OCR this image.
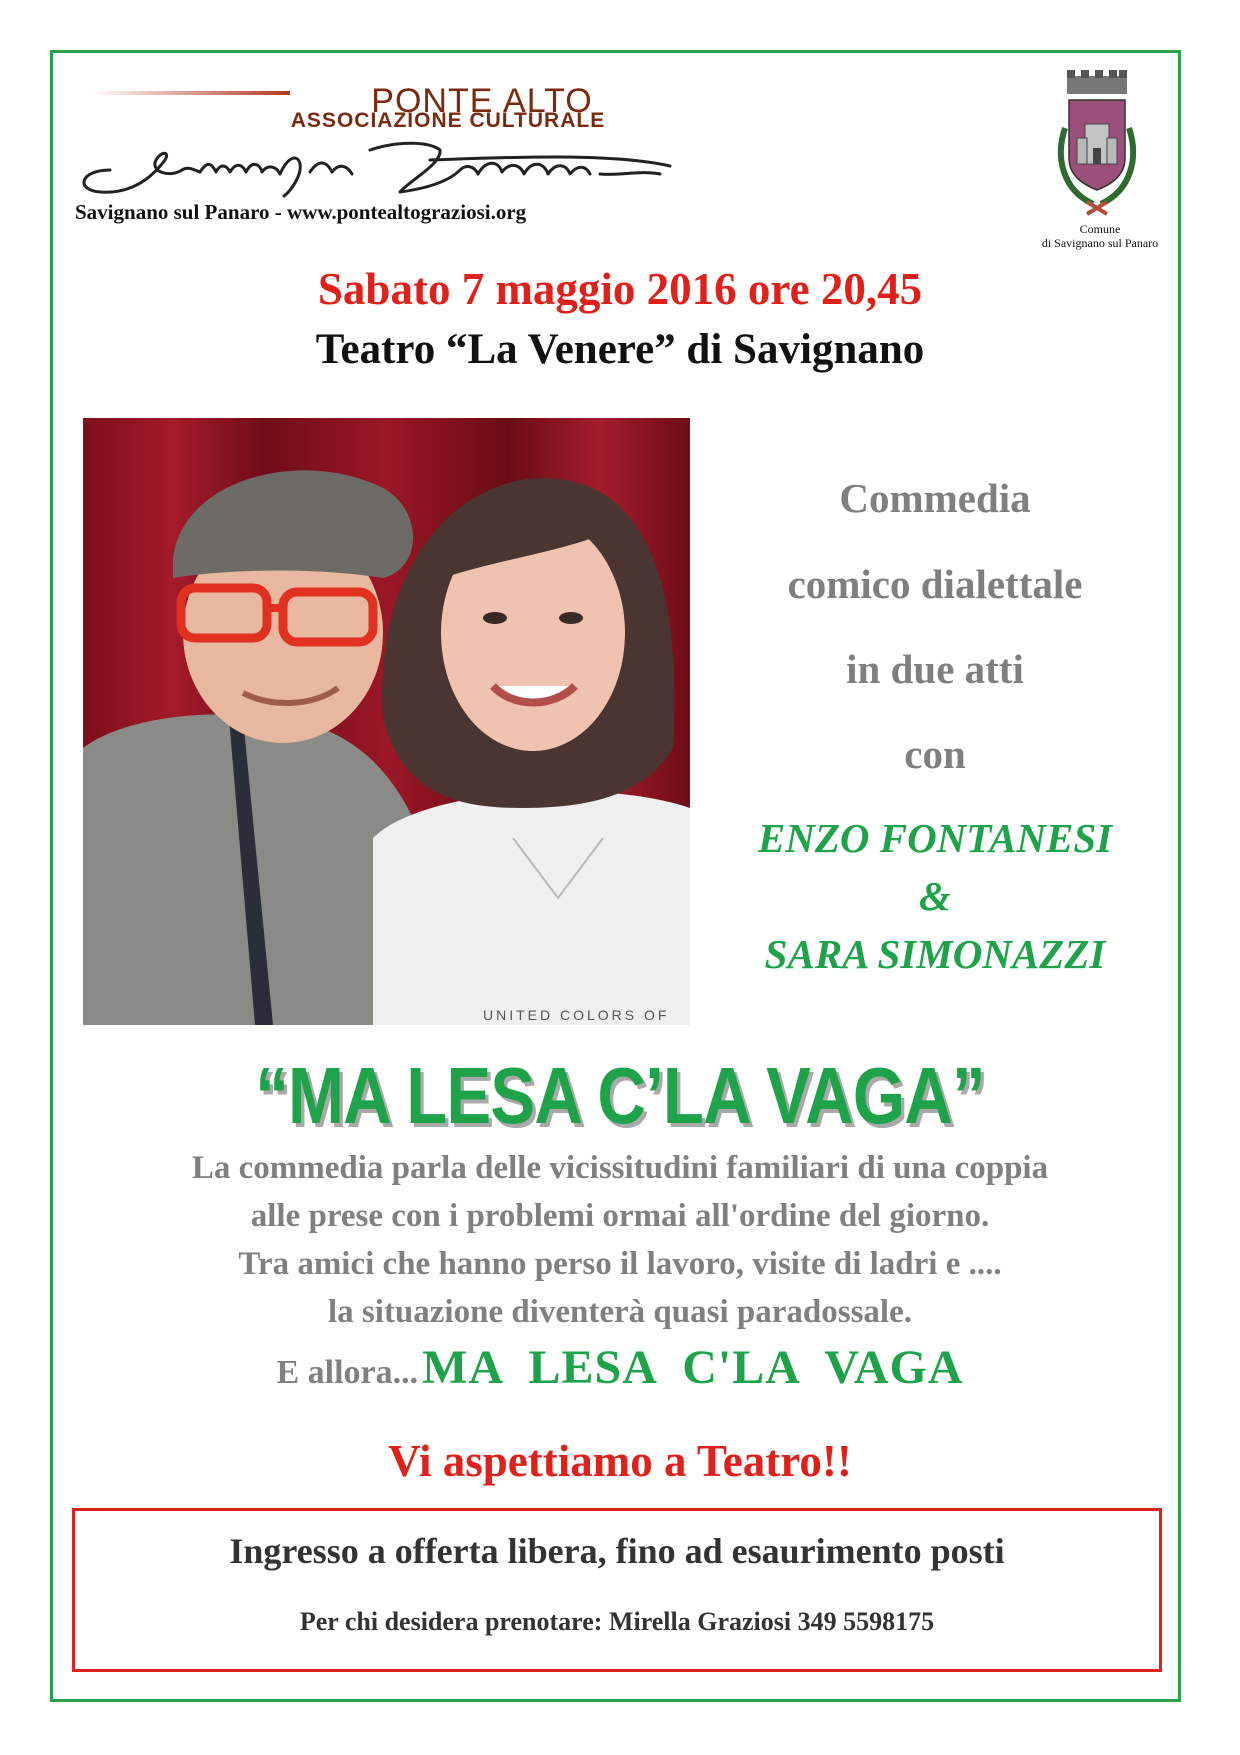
PONTE ALTO
ASSOCIAZIONE CULTURALE
Savignano sul Panaro - www.pontealtograziosi.org
Comune
di Savignano sul Panaro
Sabato 7 maggio 2016 ore 20,45
Teatro “La Venere” di Savignano
UNITED COLORS OF
Commedia
comico dialettale
in due atti
con
ENZO FONTANESI
&
SARA SIMONAZZI
“MA LESA C’LA VAGA”
La commedia parla delle vicissitudini familiari di una coppia
alle prese con i problemi ormai all'ordine del giorno.
Tra amici che hanno perso il lavoro, visite di ladri e ....
la situazione diventerà quasi paradossale.
E allora... MA LESA C'LA VAGA
Vi aspettiamo a Teatro!!
Ingresso a offerta libera, fino ad esaurimento posti
Per chi desidera prenotare: Mirella Graziosi 349 5598175
